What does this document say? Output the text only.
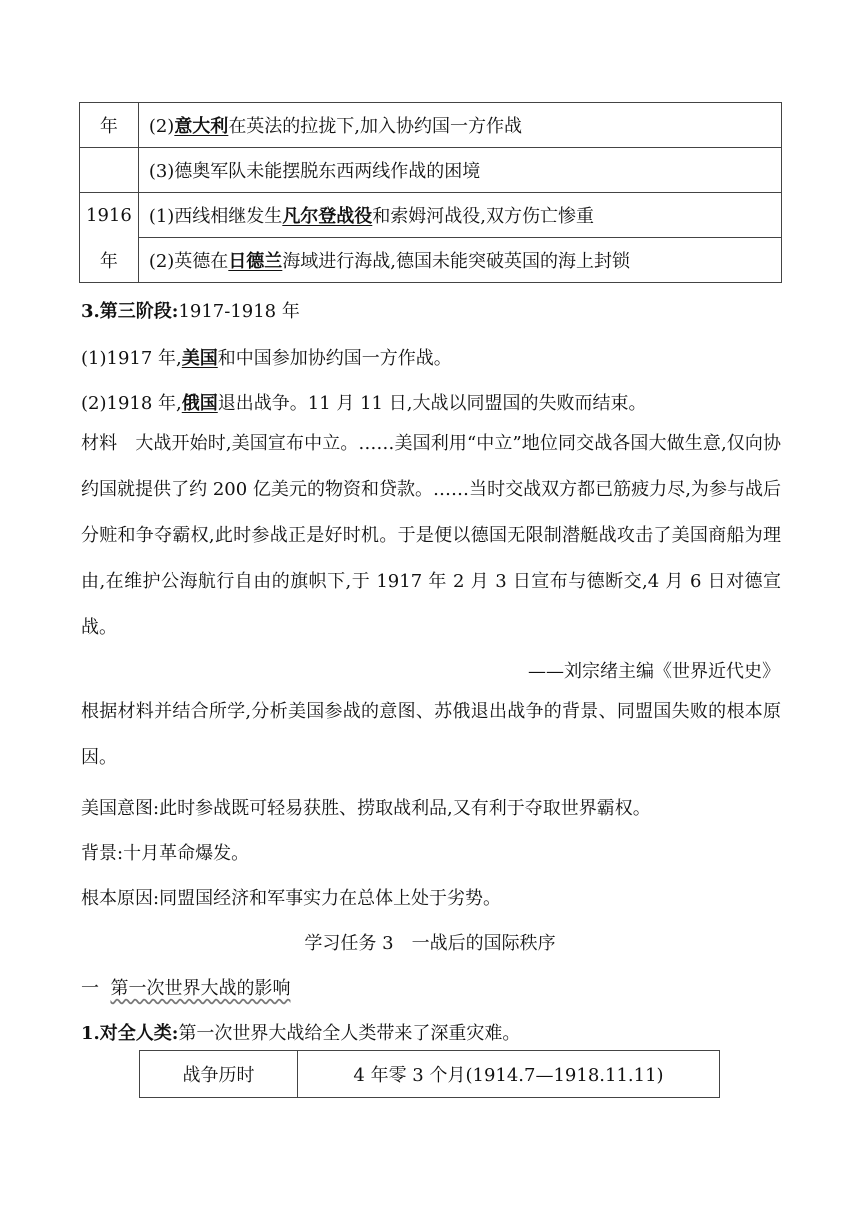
年	(2)意大利在英法的拉拢下,加入协约国一方作战
	(3)德奥军队未能摆脱东西两线作战的困境
1916	(1)西线相继发生凡尔登战役和索姆河战役,双方伤亡惨重
年	(2)英德在日德兰海域进行海战,德国未能突破英国的海上封锁
3.第三阶段:1917-1918 年
(1)1917 年,美国和中国参加协约国一方作战。
(2)1918 年,俄国退出战争。11 月 11 日,大战以同盟国的失败而结束。
材料　大战开始时,美国宣布中立。……美国利用“中立”地位同交战各国大做生意,仅向协约国就提供了约 200 亿美元的物资和贷款。……当时交战双方都已筋疲力尽,为参与战后分赃和争夺霸权,此时参战正是好时机。于是便以德国无限制潜艇战攻击了美国商船为理由,在维护公海航行自由的旗帜下,于 1917 年 2 月 3 日宣布与德断交,4 月 6 日对德宣战。
——刘宗绪主编《世界近代史》
根据材料并结合所学,分析美国参战的意图、苏俄退出战争的背景、同盟国失败的根本原因。
美国意图:此时参战既可轻易获胜、捞取战利品,又有利于夺取世界霸权。
背景:十月革命爆发。
根本原因:同盟国经济和军事实力在总体上处于劣势。
学习任务 3　一战后的国际秩序
一 第一次世界大战的影响
1.对全人类:第一次世界大战给全人类带来了深重灾难。
战争历时	4 年零 3 个月(1914.7—1918.11.11)
